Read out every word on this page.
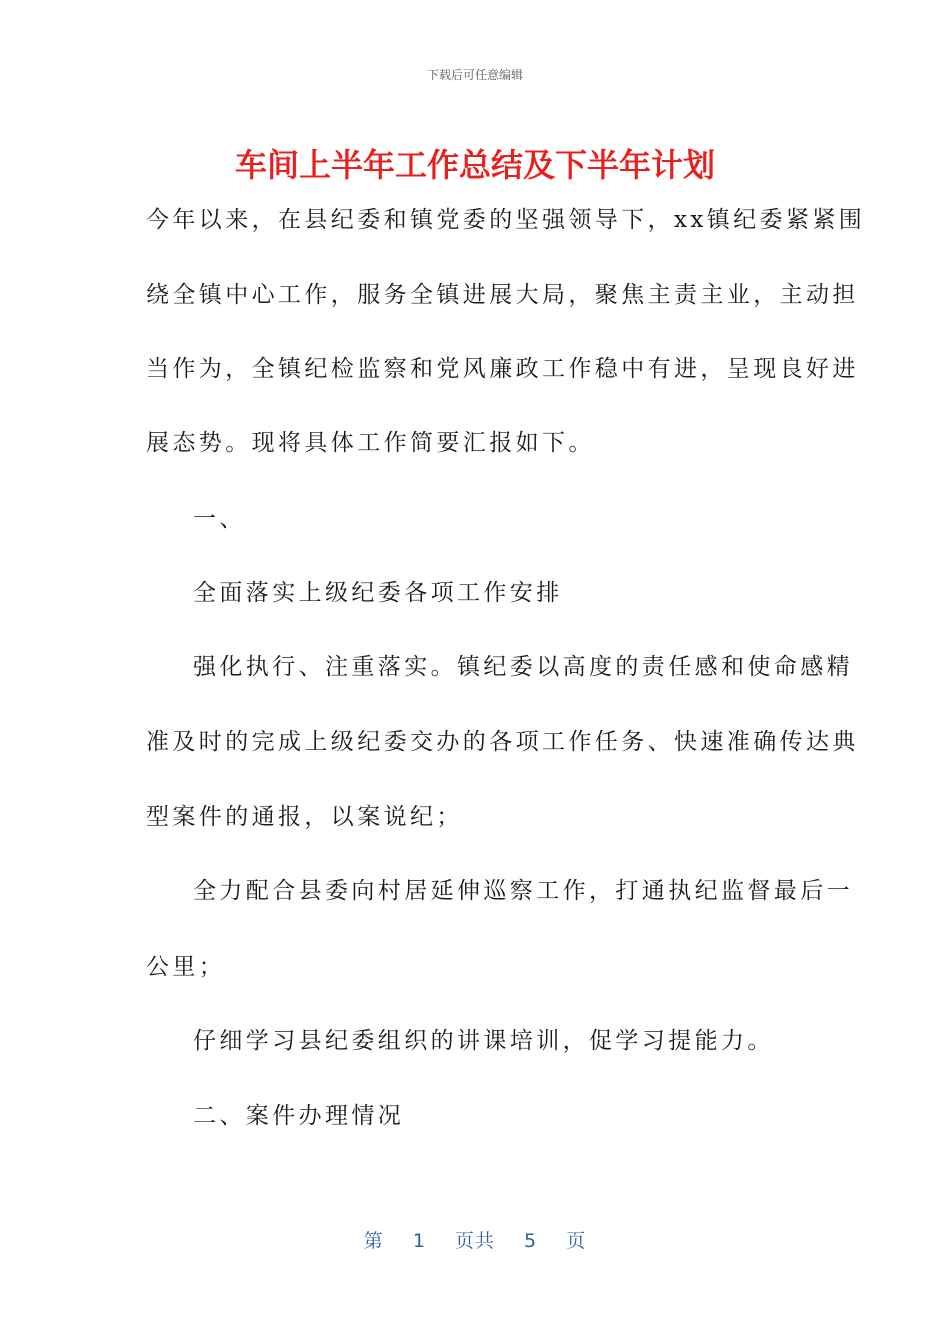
下载后可任意编辑
车间上半年工作总结及下半年计划
今年以来，在县纪委和镇党委的坚强领导下，xx镇纪委紧紧围
绕全镇中心工作，服务全镇进展大局，聚焦主责主业，主动担
当作为，全镇纪检监察和党风廉政工作稳中有进，呈现良好进
展态势。现将具体工作简要汇报如下。
一、
全面落实上级纪委各项工作安排
强化执行、注重落实。镇纪委以高度的责任感和使命感精
准及时的完成上级纪委交办的各项工作任务、快速准确传达典
型案件的通报，以案说纪；
全力配合县委向村居延伸巡察工作，打通执纪监督最后一
公里；
仔细学习县纪委组织的讲课培训，促学习提能力。
二、案件办理情况
第 1 页共 5 页
